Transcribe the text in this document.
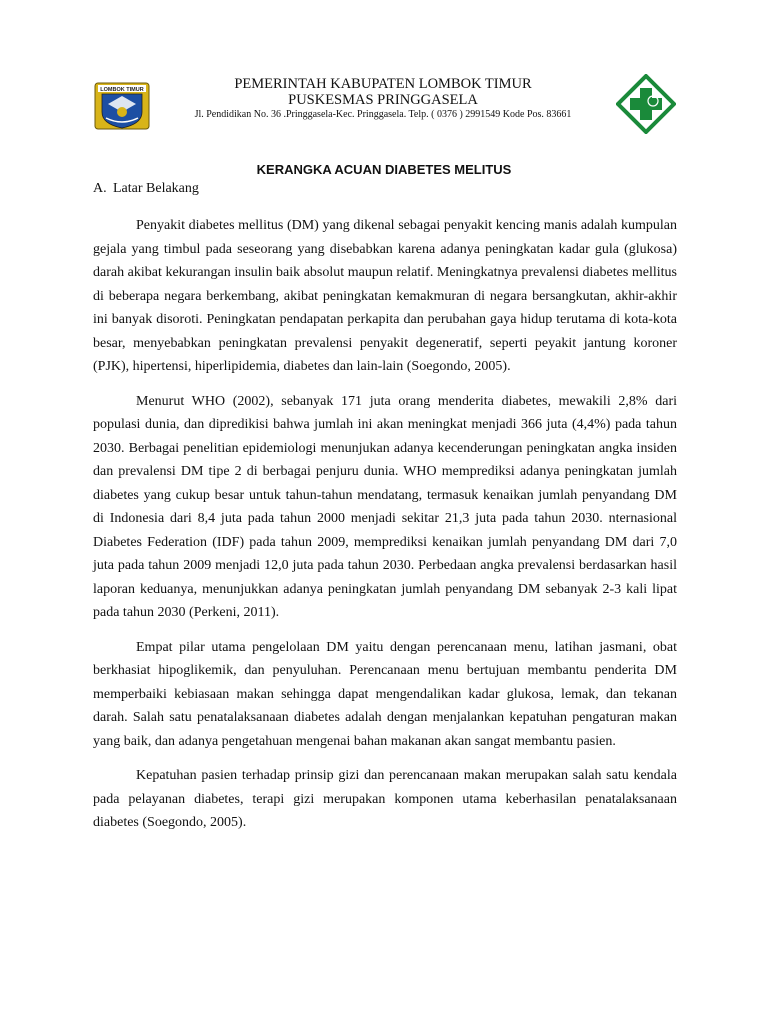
LOMBOK TIMUR	PEMERINTAH KABUPATEN LOMBOK TIMUR
PUSKESMAS PRINGGASELA
Jl. Pendidikan No. 36 .Pringgasela-Kec. Pringgasela. Telp. ( 0376 ) 2991549 Kode Pos. 83661
KERANGKA ACUAN DIABETES MELITUS
A. Latar Belakang

Penyakit diabetes mellitus (DM) yang dikenal sebagai penyakit kencing manis adalah kumpulan gejala yang timbul pada seseorang yang disebabkan karena adanya peningkatan kadar gula (glukosa) darah akibat kekurangan insulin baik absolut maupun relatif. Meningkatnya prevalensi diabetes mellitus di beberapa negara berkembang, akibat peningkatan kemakmuran di negara bersangkutan, akhir-akhir ini banyak disoroti. Peningkatan pendapatan perkapita dan perubahan gaya hidup terutama di kota-kota besar, menyebabkan peningkatan prevalensi penyakit degeneratif, seperti peyakit jantung koroner (PJK), hipertensi, hiperlipidemia, diabetes dan lain-lain (Soegondo, 2005).

Menurut WHO (2002), sebanyak 171 juta orang menderita diabetes, mewakili 2,8% dari populasi dunia, dan dipredikisi bahwa jumlah ini akan meningkat menjadi 366 juta (4,4%) pada tahun 2030. Berbagai penelitian epidemiologi menunjukan adanya kecenderungan peningkatan angka insiden dan prevalensi DM tipe 2 di berbagai penjuru dunia. WHO memprediksi adanya peningkatan jumlah diabetes yang cukup besar untuk tahun-tahun mendatang, termasuk kenaikan jumlah penyandang DM di Indonesia dari 8,4 juta pada tahun 2000 menjadi sekitar 21,3 juta pada tahun 2030. nternasional Diabetes Federation (IDF) pada tahun 2009, memprediksi kenaikan jumlah penyandang DM dari 7,0 juta pada tahun 2009 menjadi 12,0 juta pada tahun 2030. Perbedaan angka prevalensi berdasarkan hasil laporan keduanya, menunjukkan adanya peningkatan jumlah penyandang DM sebanyak 2-3 kali lipat pada tahun 2030 (Perkeni, 2011).

Empat pilar utama pengelolaan DM yaitu dengan perencanaan menu, latihan jasmani, obat berkhasiat hipoglikemik, dan penyuluhan. Perencanaan menu bertujuan membantu penderita DM memperbaiki kebiasaan makan sehingga dapat mengendalikan kadar glukosa, lemak, dan tekanan darah. Salah satu penatalaksanaan diabetes adalah dengan menjalankan kepatuhan pengaturan makan yang baik, dan adanya pengetahuan mengenai bahan makanan akan sangat membantu pasien.

Kepatuhan pasien terhadap prinsip gizi dan perencanaan makan merupakan salah satu kendala pada pelayanan diabetes, terapi gizi merupakan komponen utama keberhasilan penatalaksanaan diabetes (Soegondo, 2005).
